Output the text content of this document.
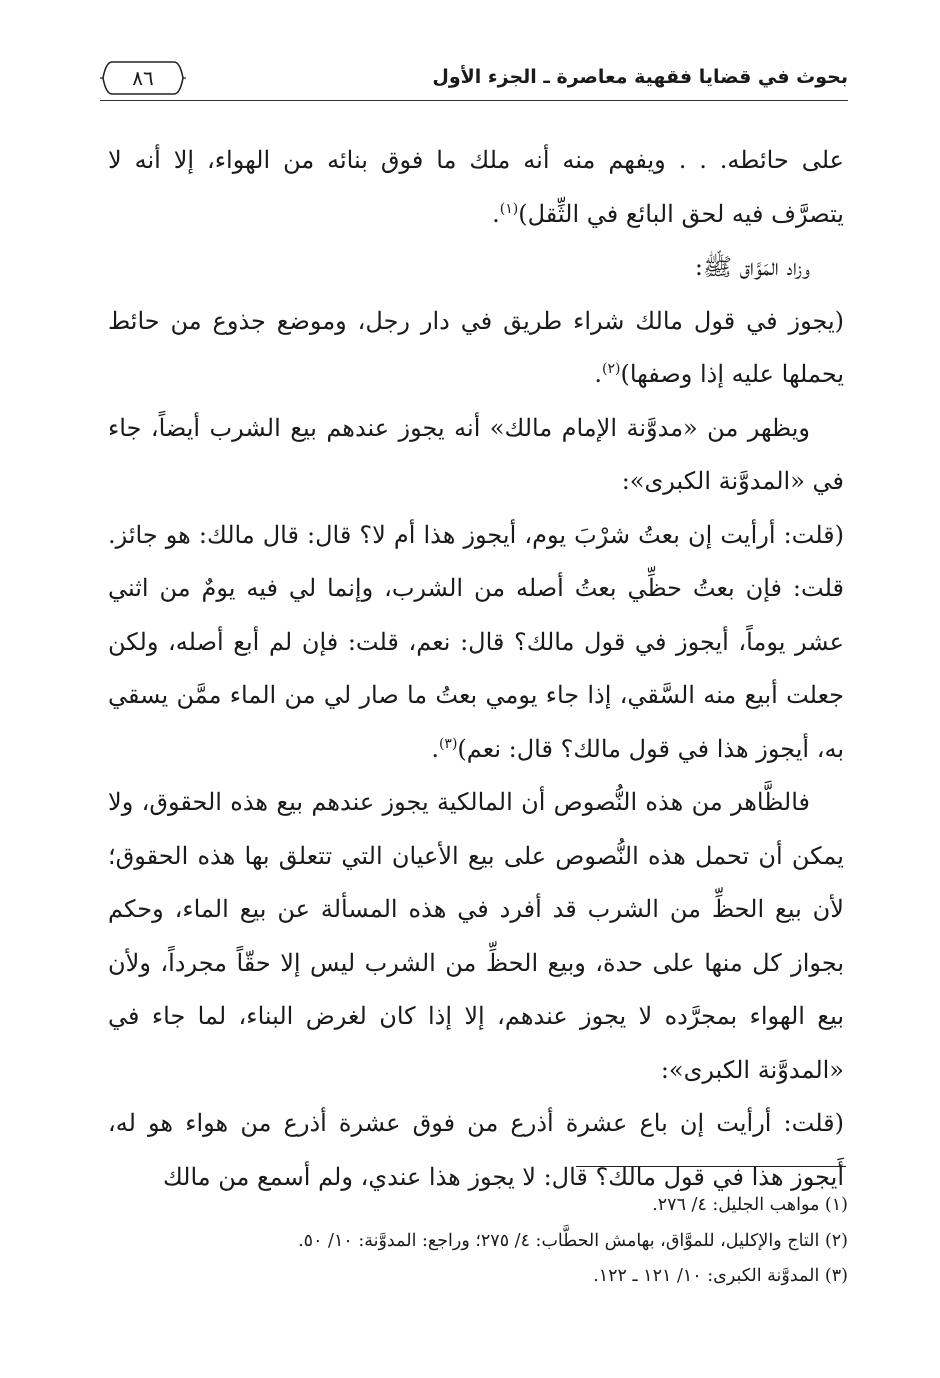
بحوث في قضايا فقهية معاصرة ـ الجزء الأول
٨٦

على حائطه. . . ويفهم منه أنه ملك ما فوق بنائه من الهواء، إلا أنه لا يتصرَّف فيه لحق البائع في الثِّقل)$^{(١)}$.

وزاد المَوَّاق ﷺ:

(يجوز في قول مالك شراء طريق في دار رجل، وموضع جذوع من حائط يحملها عليه إذا وصفها)$^{(٢)}$.

ويظهر من «مدوَّنة الإمام مالك» أنه يجوز عندهم بيع الشرب أيضاً، جاء في «المدوَّنة الكبرى»:

(قلت: أرأيت إن بعتُ شرْبَ يوم، أيجوز هذا أم لا؟ قال: قال مالك: هو جائز. قلت: فإن بعتُ حظِّي بعتُ أصله من الشرب، وإنما لي فيه يومٌ من اثني عشر يوماً، أيجوز في قول مالك؟ قال: نعم، قلت: فإن لم أبع أصله، ولكن جعلت أبيع منه السَّقي، إذا جاء يومي بعتُ ما صار لي من الماء ممَّن يسقي به، أيجوز هذا في قول مالك؟ قال: نعم)$^{(٣)}$.

فالظَّاهر من هذه النُّصوص أن المالكية يجوز عندهم بيع هذه الحقوق، ولا يمكن أن تحمل هذه النُّصوص على بيع الأعيان التي تتعلق بها هذه الحقوق؛ لأن بيع الحظِّ من الشرب قد أفرد في هذه المسألة عن بيع الماء، وحكم بجواز كل منها على حدة، وبيع الحظِّ من الشرب ليس إلا حقّاً مجرداً، ولأن بيع الهواء بمجرَّده لا يجوز عندهم، إلا إذا كان لغرض البناء، لما جاء في «المدوَّنة الكبرى»:

(قلت: أرأيت إن باع عشرة أذرع من فوق عشرة أذرع من هواء هو له، أَيجوز هذا في قول مالك؟ قال: لا يجوز هذا عندي، ولم أسمع من مالك

(١) مواهب الجليل: ٤/ ٢٧٦.

(٢) التاج والإكليل، للموَّاق، بهامش الحطَّاب: ٤/ ٢٧٥؛ وراجع: المدوَّنة: ١٠/ ٥٠.

(٣) المدوَّنة الكبرى: ١٠/ ١٢١ ـ ١٢٢.
